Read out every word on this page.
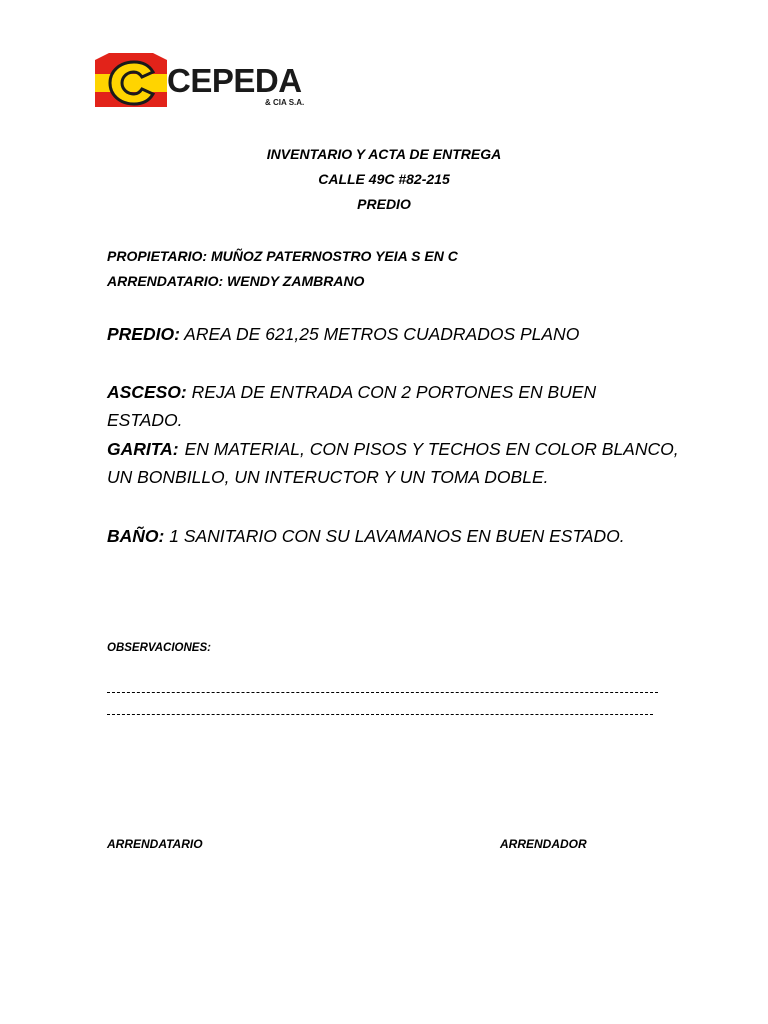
CEPEDA
& CIA S.A.
INVENTARIO Y ACTA DE ENTREGA
CALLE 49C #82-215
PREDIO
PROPIETARIO: MUÑOZ PATERNOSTRO YEIA S EN C
ARRENDATARIO: WENDY ZAMBRANO
PREDIO: AREA DE 621,25 METROS CUADRADOS PLANO
ASCESO: REJA DE ENTRADA CON 2 PORTONES EN BUEN ESTADO.
GARITA: EN MATERIAL, CON PISOS Y TECHOS EN COLOR BLANCO,
UN BONBILLO, UN INTERUCTOR Y UN TOMA DOBLE.
BAÑO: 1 SANITARIO CON SU LAVAMANOS EN BUEN ESTADO.
OBSERVACIONES:
ARRENDATARIO	ARRENDADOR
